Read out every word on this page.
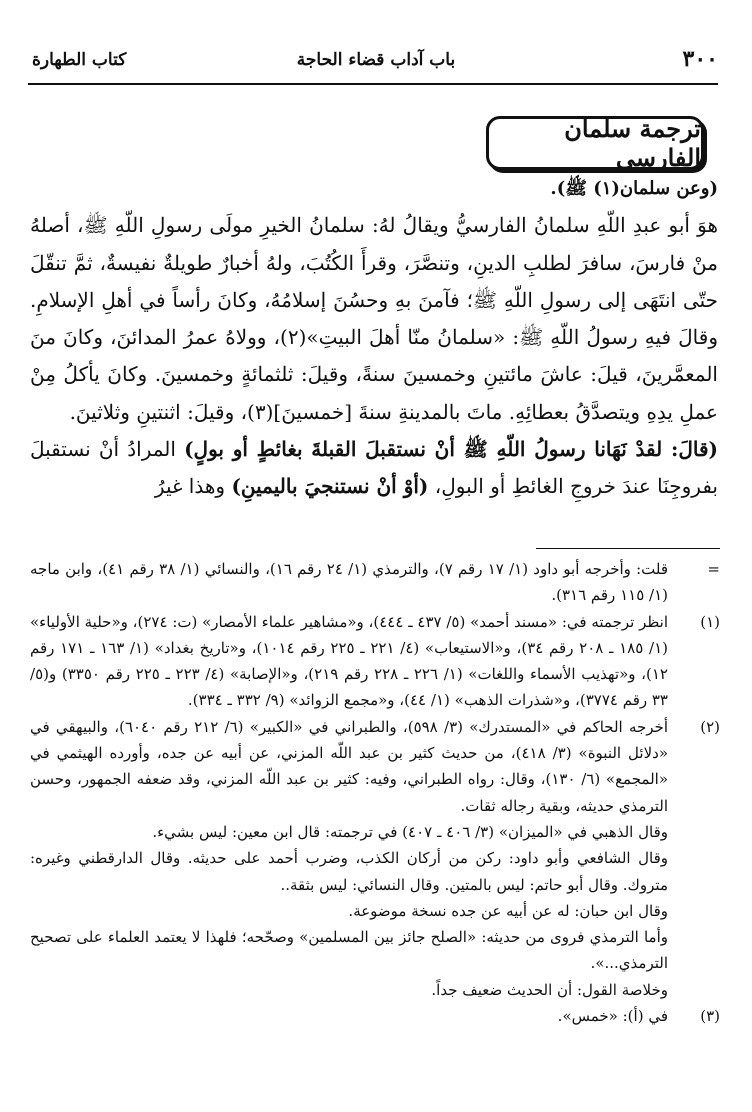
٣٠٠
باب آداب قضاء الحاجة
كتاب الطهارة
ترجمة سلمان الفارسي

(وعن سلمان(١) ﷺ).

هوَ أبو عبدِ اللّهِ سلمانُ الفارسيُّ ويقالُ لهُ: سلمانُ الخيرِ مولَى رسولِ اللّهِ ﷺ، أصلهُ منْ فارسَ، سافرَ لطلبِ الدينِ، وتنصَّرَ، وقرأَ الكُتُبَ، ولهُ أخبارٌ طويلةٌ نفيسةٌ، ثمَّ تنقّلَ حتّى انتَهَى إلى رسولِ اللّهِ ﷺ؛ فآمنَ بهِ وحسُنَ إسلامُهُ، وكانَ رأساً في أهلِ الإسلامِ. وقالَ فيهِ رسولُ اللّهِ ﷺ: «سلمانُ منّا أهلَ البيتِ»(٢)، وولاهُ عمرُ المدائنَ، وكانَ منَ المعمَّرينَ، قيلَ: عاشَ مائتينِ وخمسينَ سنةً، وقيلَ: ثلثمائةٍ وخمسينَ. وكانَ يأكلُ مِنْ عملِ يدِهِ ويتصدَّقُ بعطائِهِ. ماتَ بالمدينةِ سنةَ [خمسينَ](٣)، وقيلَ: اثنتينِ وثلاثينَ.

(قالَ: لقدْ نَهَانا رسولُ اللّهِ ﷺ أنْ نستقبلَ القبلةَ بغائطٍ أو بولٍ) المرادُ أنْ نستقبلَ بفروجِنَا عندَ خروجِ الغائطِ أو البولِ، (أوْ أنْ نستنجيَ باليمينِ) وهذا غيرُ

=

قلت: وأخرجه أبو داود (١/ ١٧ رقم ٧)، والترمذي (١/ ٢٤ رقم ١٦)، والنسائي (١/ ٣٨ رقم ٤١)، وابن ماجه (١/ ١١٥ رقم ٣١٦).

(١)

انظر ترجمته في: «مسند أحمد» (٥/ ٤٣٧ ـ ٤٤٤)، و«مشاهير علماء الأمصار» (ت: ٢٧٤)، و«حلية الأولياء» (١/ ١٨٥ ـ ٢٠٨ رقم ٣٤)، و«الاستيعاب» (٤/ ٢٢١ ـ ٢٢٥ رقم ١٠١٤)، و«تاريخ بغداد» (١/ ١٦٣ ـ ١٧١ رقم ١٢)، و«تهذيب الأسماء واللغات» (١/ ٢٢٦ ـ ٢٢٨ رقم ٢١٩)، و«الإصابة» (٤/ ٢٢٣ ـ ٢٢٥ رقم ٣٣٥٠) و(٥/ ٣٣ رقم ٣٧٧٤)، و«شذرات الذهب» (١/ ٤٤)، و«مجمع الزوائد» (٩/ ٣٣٢ ـ ٣٣٤).

(٢)

أخرجه الحاكم في «المستدرك» (٣/ ٥٩٨)، والطبراني في «الكبير» (٦/ ٢١٢ رقم ٦٠٤٠)، والبيهقي في «دلائل النبوة» (٣/ ٤١٨)، من حديث كثير بن عبد اللّه المزني، عن أبيه عن جده، وأورده الهيثمي في «المجمع» (٦/ ١٣٠)، وقال: رواه الطبراني، وفيه: كثير بن عبد اللّه المزني، وقد ضعفه الجمهور، وحسن الترمذي حديثه، وبقية رجاله ثقات.

وقال الذهبي في «الميزان» (٣/ ٤٠٦ ـ ٤٠٧) في ترجمته: قال ابن معين: ليس بشيء.

وقال الشافعي وأبو داود: ركن من أركان الكذب، وضرب أحمد على حديثه. وقال الدارقطني وغيره: متروك. وقال أبو حاتم: ليس بالمتين. وقال النسائي: ليس بثقة..

وقال ابن حبان: له عن أبيه عن جده نسخة موضوعة.

وأما الترمذي فروى من حديثه: «الصلح جائز بين المسلمين» وصحّحه؛ فلهذا لا يعتمد العلماء على تصحيح الترمذي...».

وخلاصة القول: أن الحديث ضعيف جداً.

(٣)

في (أ): «خمس».
